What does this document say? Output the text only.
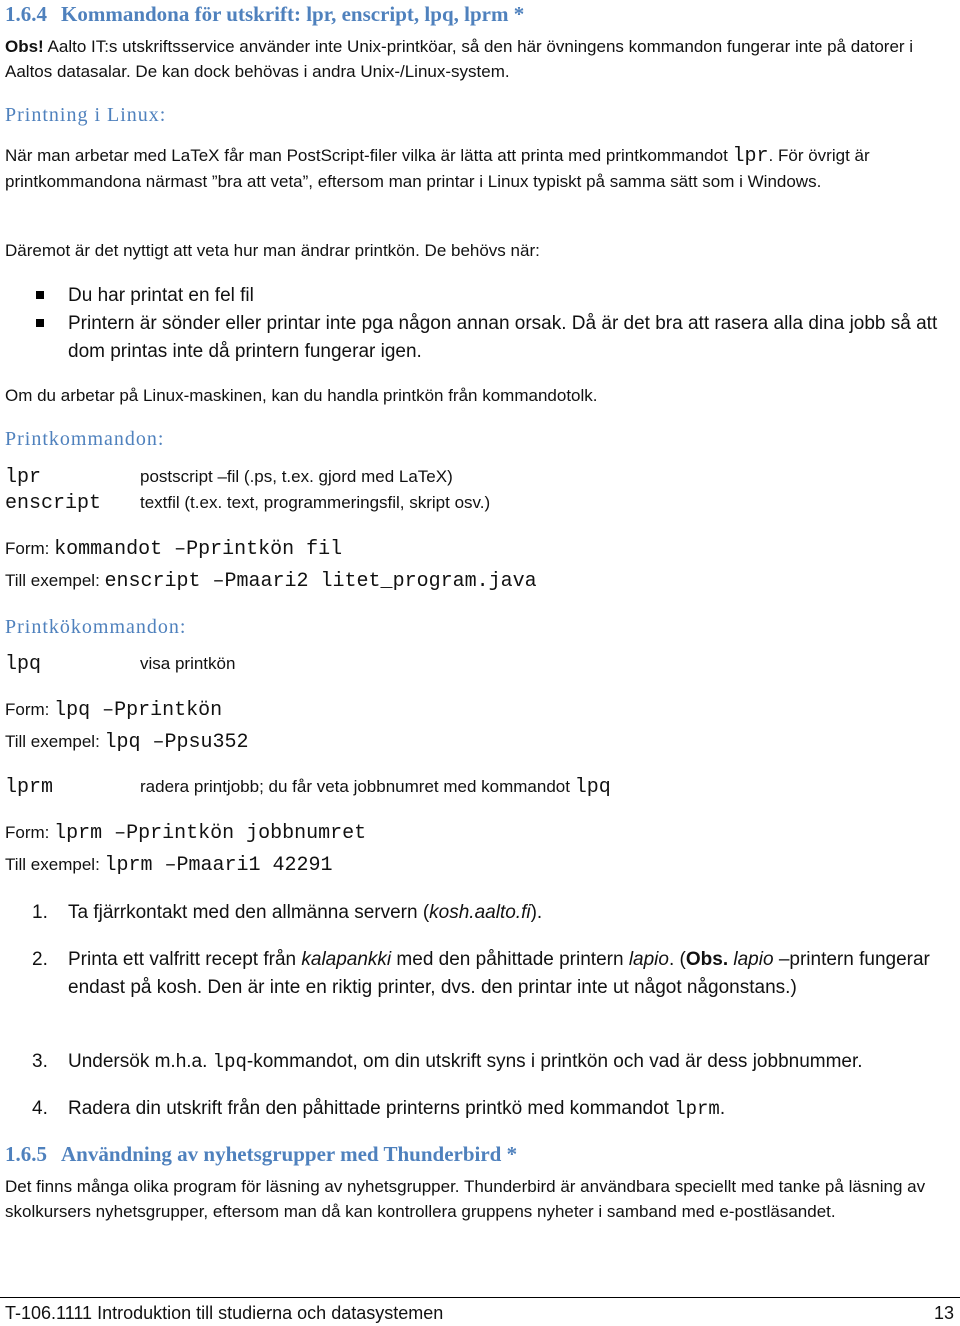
1.6.4 Kommandona för utskrift: lpr, enscript, lpq, lprm *
Obs! Aalto IT:s utskriftsservice använder inte Unix-printköar, så den här övningens kommandon fungerar inte på datorer i Aaltos datasalar. De kan dock behövas i andra Unix-/Linux-system.
Printning i Linux:
När man arbetar med LaTeX får man PostScript-filer vilka är lätta att printa med printkommandot lpr. För övrigt är printkommandona närmast ”bra att veta”, eftersom man printar i Linux typiskt på samma sätt som i Windows.
Däremot är det nyttigt att veta hur man ändrar printkön. De behövs när:
Du har printat en fel fil
Printern är sönder eller printar inte pga någon annan orsak. Då är det bra att rasera alla dina jobb så att dom printas inte då printern fungerar igen.
Om du arbetar på Linux-maskinen, kan du handla printkön från kommandotolk.
Printkommandon:
lpr	postscript –fil (.ps, t.ex. gjord med LaTeX)
enscript textfil (t.ex. text, programmeringsfil, skript osv.)
Form: kommandot –Pprintkön fil
Till exempel: enscript –Pmaari2 litet_program.java
Printkökommandon:
lpq	visa printkön
Form: lpq –Pprintkön
Till exempel: lpq –Ppsu352
lprm	radera printjobb; du får veta jobbnumret med kommandot lpq
Form: lprm –Pprintkön jobbnumret
Till exempel: lprm –Pmaari1 42291
1. Ta fjärrkontakt med den allmänna servern (kosh.aalto.fi).
2. Printa ett valfritt recept från kalapankki med den påhittade printern lapio. (Obs. lapio –printern fungerar endast på kosh. Den är inte en riktig printer, dvs. den printar inte ut något någonstans.)
3. Undersök m.h.a. lpq-kommandot, om din utskrift syns i printkön och vad är dess jobbnummer.
4. Radera din utskrift från den påhittade printerns printkö med kommandot lprm.
1.6.5 Användning av nyhetsgrupper med Thunderbird *
Det finns många olika program för läsning av nyhetsgrupper. Thunderbird är användbara speciellt med tanke på läsning av skolkursers nyhetsgrupper, eftersom man då kan kontrollera gruppens nyheter i samband med e-postläsandet.
T-106.1111 Introduktion till studierna och datasystemen	13
